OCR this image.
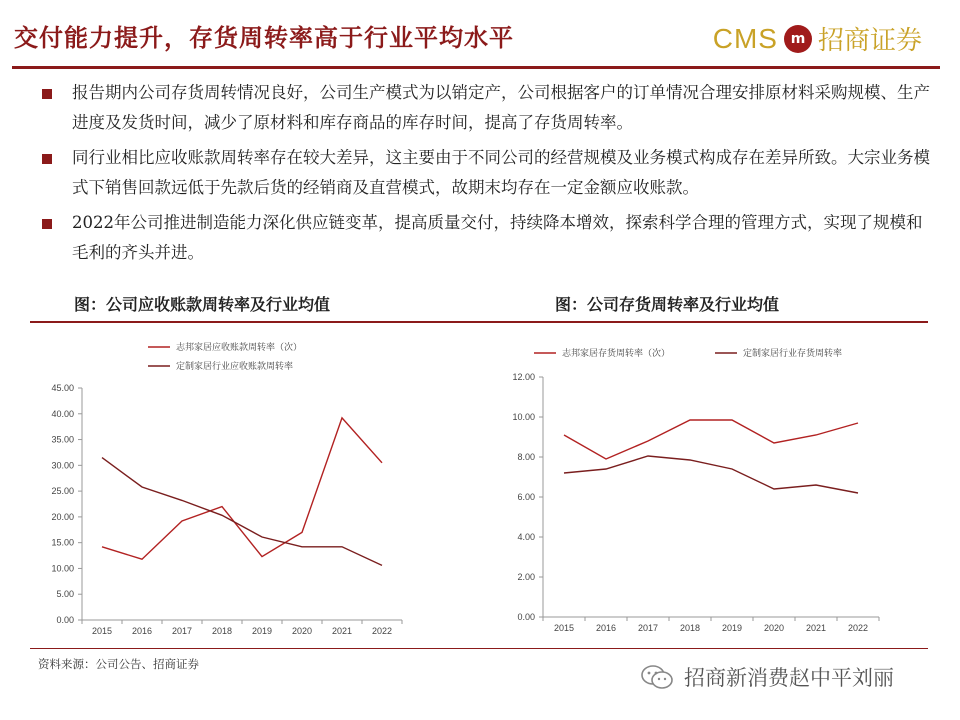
交付能力提升，存货周转率高于行业平均水平	CMS m 招商证券
报告期内公司存货周转情况良好，公司生产模式为以销定产，公司根据客户的订单情况合理安排原材料采购规模、生产进度及发货时间，减少了原材料和库存商品的库存时间，提高了存货周转率。
同行业相比应收账款周转率存在较大差异，这主要由于不同公司的经营规模及业务模式构成存在差异所致。大宗业务模式下销售回款远低于先款后货的经销商及直营模式，故期末均存在一定金额应收账款。
2022年公司推进制造能力深化供应链变革，提高质量交付，持续降本增效，探索科学合理的管理方式，实现了规模和毛利的齐头并进。
图：公司应收账款周转率及行业均值	图：公司存货周转率及行业均值
0.00
5.00
10.00
15.00
20.00
25.00
30.00
35.00
40.00
45.00
2015 2016 2017 2018 2019 2020 2021 2022
志邦家居应收账款周转率（次）
定制家居行业应收账款周转率
0.00
2.00
4.00
6.00
8.00
10.00
12.00
2015 2016 2017 2018 2019 2020 2021 2022
志邦家居存货周转率（次）	定制家居行业存货周转率
资料来源：公司公告、招商证券
招商新消费赵中平刘丽
